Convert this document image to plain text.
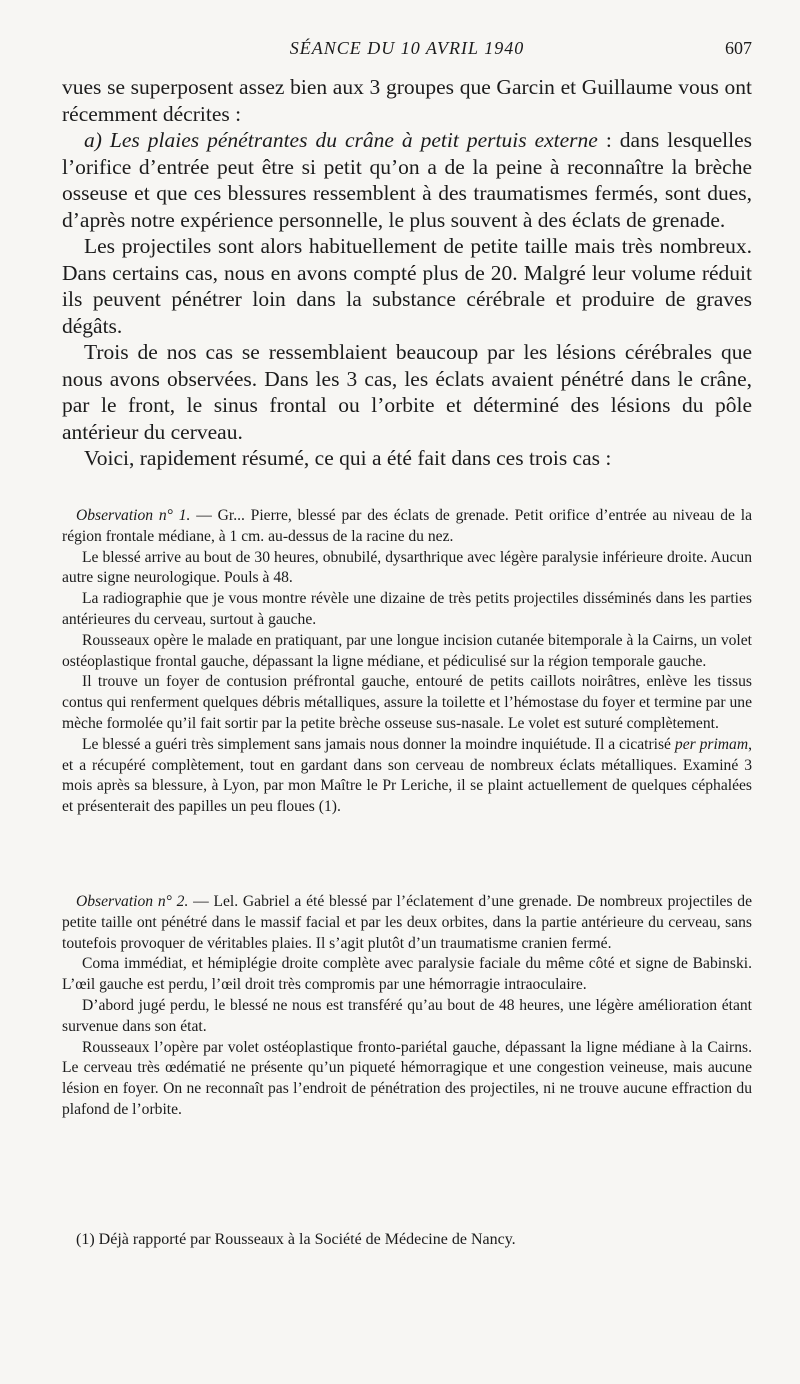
SÉANCE DU 10 AVRIL 1940	607

vues se superposent assez bien aux 3 groupes que Garcin et Guillaume vous ont récemment décrites :

a) Les plaies pénétrantes du crâne à petit pertuis externe : dans lesquelles l’orifice d’entrée peut être si petit qu’on a de la peine à reconnaître la brèche osseuse et que ces blessures ressemblent à des traumatismes fermés, sont dues, d’après notre expérience personnelle, le plus souvent à des éclats de grenade.

Les projectiles sont alors habituellement de petite taille mais très nombreux. Dans certains cas, nous en avons compté plus de 20. Malgré leur volume réduit ils peuvent pénétrer loin dans la substance cérébrale et produire de graves dégâts.

Trois de nos cas se ressemblaient beaucoup par les lésions cérébrales que nous avons observées. Dans les 3 cas, les éclats avaient pénétré dans le crâne, par le front, le sinus frontal ou l’orbite et déterminé des lésions du pôle antérieur du cerveau.

Voici, rapidement résumé, ce qui a été fait dans ces trois cas :

Observation n° 1. — Gr... Pierre, blessé par des éclats de grenade. Petit orifice d’entrée au niveau de la région frontale médiane, à 1 cm. au-dessus de la racine du nez.

Le blessé arrive au bout de 30 heures, obnubilé, dysarthrique avec légère paralysie inférieure droite. Aucun autre signe neurologique. Pouls à 48.

La radiographie que je vous montre révèle une dizaine de très petits projectiles disséminés dans les parties antérieures du cerveau, surtout à gauche.

Rousseaux opère le malade en pratiquant, par une longue incision cutanée bitemporale à la Cairns, un volet ostéoplastique frontal gauche, dépassant la ligne médiane, et pédiculisé sur la région temporale gauche.

Il trouve un foyer de contusion préfrontal gauche, entouré de petits caillots noirâtres, enlève les tissus contus qui renferment quelques débris métalliques, assure la toilette et l’hémostase du foyer et termine par une mèche formolée qu’il fait sortir par la petite brèche osseuse sus-nasale. Le volet est suturé complètement.

Le blessé a guéri très simplement sans jamais nous donner la moindre inquiétude. Il a cicatrisé per primam, et a récupéré complètement, tout en gardant dans son cerveau de nombreux éclats métalliques. Examiné 3 mois après sa blessure, à Lyon, par mon Maître le Pr Leriche, il se plaint actuellement de quelques céphalées et présenterait des papilles un peu floues (1).

Observation n° 2. — Lel. Gabriel a été blessé par l’éclatement d’une grenade. De nombreux projectiles de petite taille ont pénétré dans le massif facial et par les deux orbites, dans la partie antérieure du cerveau, sans toutefois provoquer de véritables plaies. Il s’agit plutôt d’un traumatisme cranien fermé.

Coma immédiat, et hémiplégie droite complète avec paralysie faciale du même côté et signe de Babinski. L’œil gauche est perdu, l’œil droit très compromis par une hémorragie intraoculaire.

D’abord jugé perdu, le blessé ne nous est transféré qu’au bout de 48 heures, une légère amélioration étant survenue dans son état.

Rousseaux l’opère par volet ostéoplastique fronto-pariétal gauche, dépassant la ligne médiane à la Cairns. Le cerveau très œdématié ne présente qu’un piqueté hémorragique et une congestion veineuse, mais aucune lésion en foyer. On ne reconnaît pas l’endroit de pénétration des projectiles, ni ne trouve aucune effraction du plafond de l’orbite.

(1) Déjà rapporté par Rousseaux à la Société de Médecine de Nancy.
